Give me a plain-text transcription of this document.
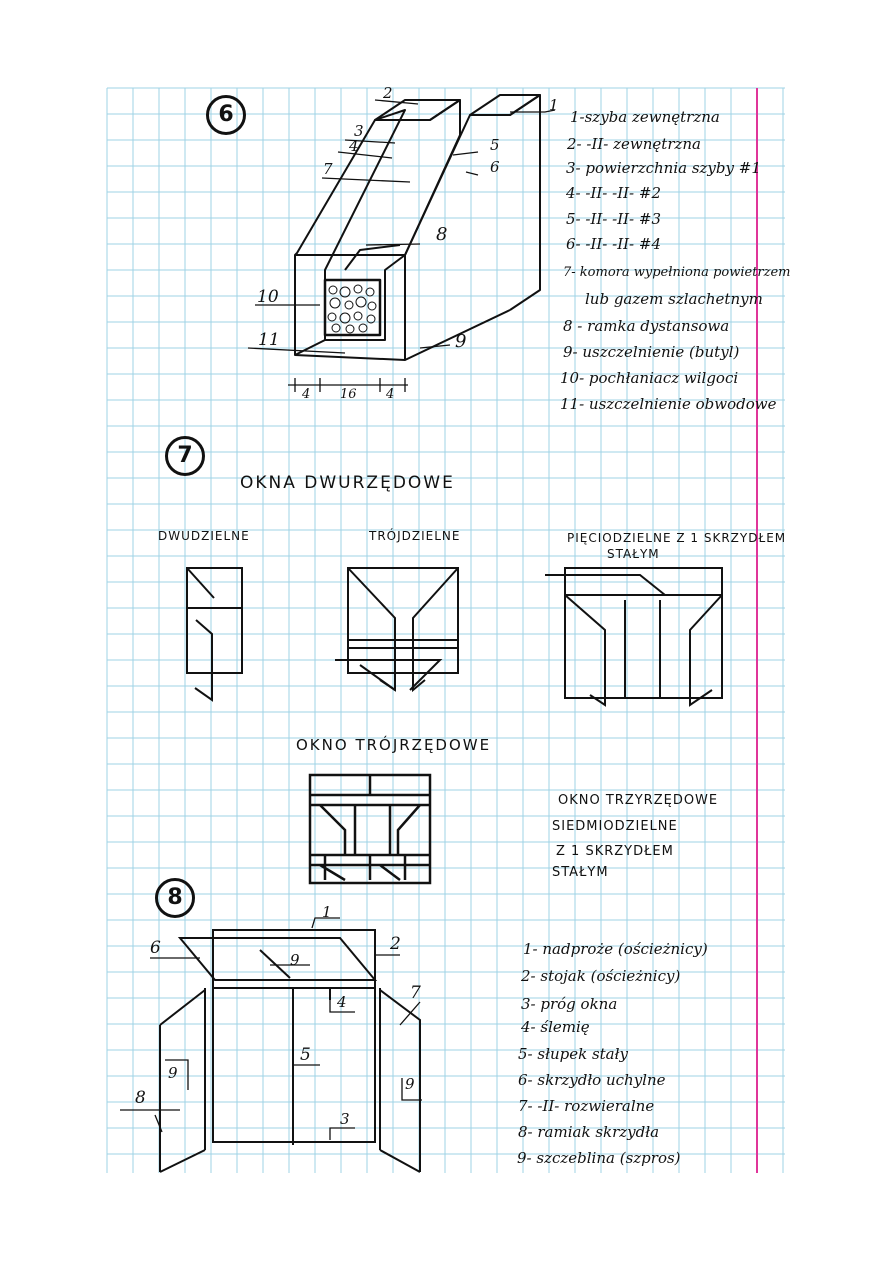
6	1
2
3
4	5
6
7
8
9
10
11
4 16 4
1-szyba zewnętrzna
2- -II- zewnętrzna
3- powierzchnia szyby #1
4- -II- -II- #2
5- -II- -II- #3
6- -II- -II- #4
7- komora wypełniona powietrzem
lub gazem szlachetnym
8 - ramka dystansowa
9- uszczelnienie (butyl)
10- pochłaniacz wilgoci
11- uszczelnienie obwodowe
7
OKNA DWURZĘDOWE
DWUDZIELNE	TRÓJDZIELNE	PIĘCIODZIELNE Z 1 SKRZYDŁEM
STAŁYM
OKNO TRÓJRZĘDOWE
OKNO TRZYRZĘDOWE
SIEDMIODZIELNE
Z 1 SKRZYDŁEM
STAŁYM
8
1
2
3
4
5
6
7
8
9
9
9
1- nadproże (ościeżnicy)
2- stojak (ościeżnicy)
3- próg okna
4- ślemię
5- słupek stały
6- skrzydło uchylne
7- -II- rozwieralne
8- ramiak skrzydła
9- szczeblina (szpros)
